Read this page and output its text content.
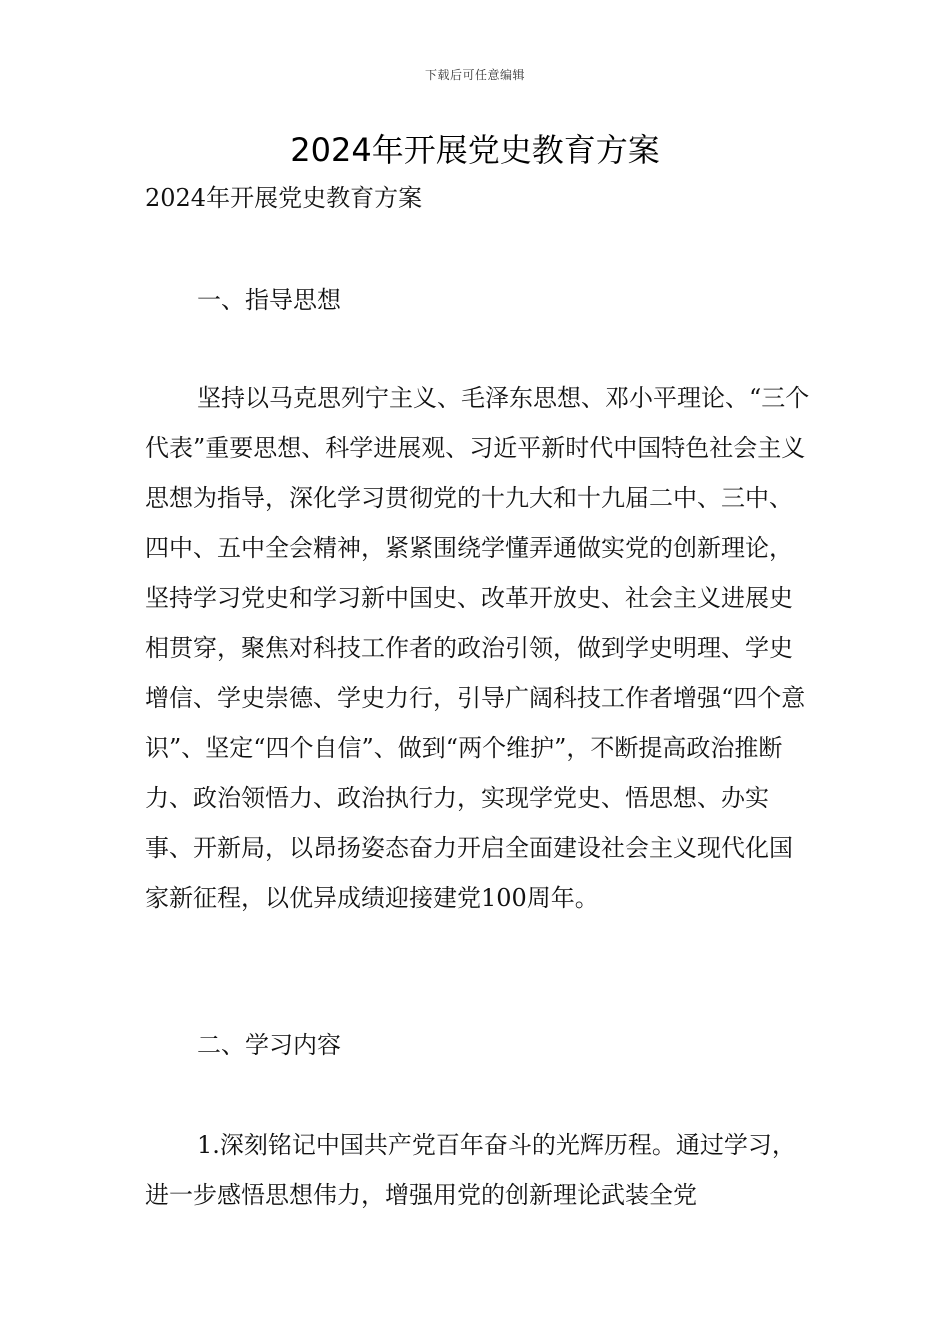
下载后可任意编辑
2024年开展党史教育方案

2024年开展党史教育方案

一、指导思想

坚持以马克思列宁主义、毛泽东思想、邓小平理论、“三个代表”重要思想、科学进展观、习近平新时代中国特色社会主义思想为指导，深化学习贯彻党的十九大和十九届二中、三中、四中、五中全会精神，紧紧围绕学懂弄通做实党的创新理论，坚持学习党史和学习新中国史、改革开放史、社会主义进展史相贯穿，聚焦对科技工作者的政治引领，做到学史明理、学史增信、学史崇德、学史力行，引导广阔科技工作者增强“四个意识”、坚定“四个自信”、做到“两个维护”，不断提高政治推断力、政治领悟力、政治执行力，实现学党史、悟思想、办实事、开新局，以昂扬姿态奋力开启全面建设社会主义现代化国家新征程，以优异成绩迎接建党100周年。

二、学习内容

1.深刻铭记中国共产党百年奋斗的光辉历程。通过学习，进一步感悟思想伟力，增强用党的创新理论武装全党
